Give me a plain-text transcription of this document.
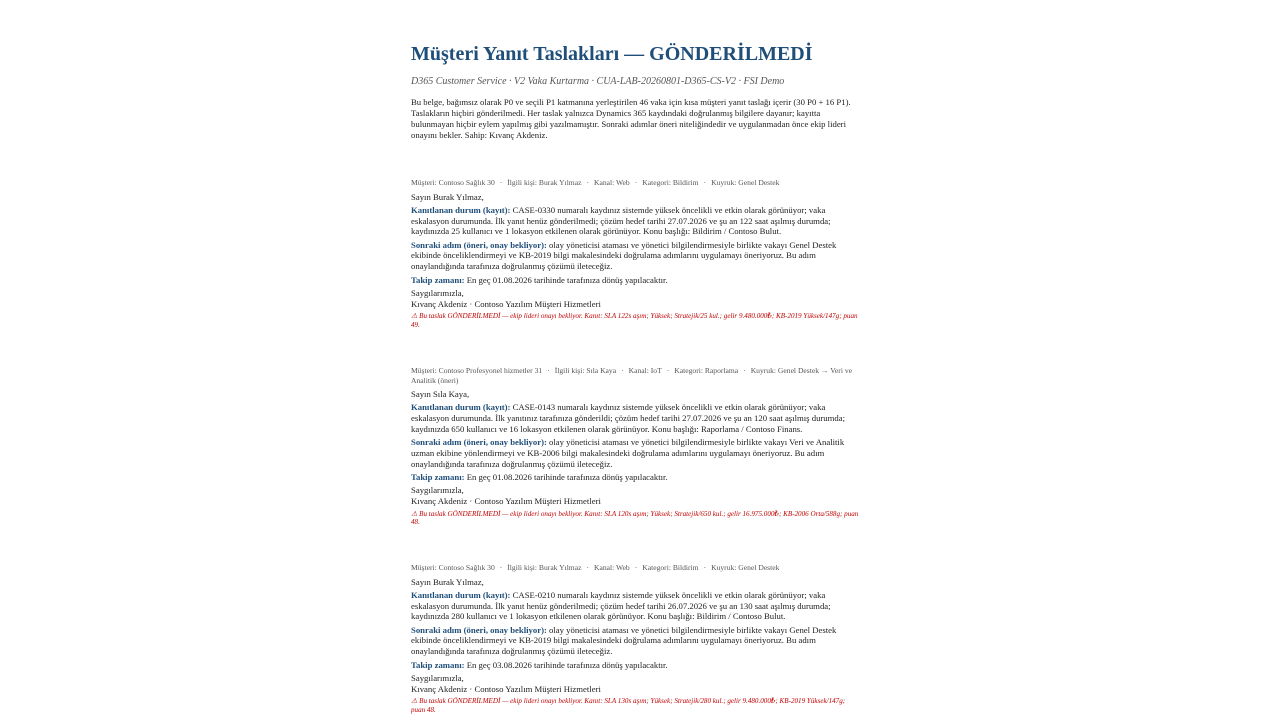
Müşteri Yanıt Taslakları — GÖNDERİLMEDİ
D365 Customer Service · V2 Vaka Kurtarma · CUA-LAB-20260801-D365-CS-V2 · FSI Demo
Bu belge, bağımsız olarak P0 ve seçili P1 katmanına yerleştirilen 46 vaka için kısa müşteri yanıt taslağı içerir (30 P0 + 16 P1). Taslakların hiçbiri gönderilmedi. Her taslak yalnızca Dynamics 365 kaydındaki doğrulanmış bilgilere dayanır; kayıtta bulunmayan hiçbir eylem yapılmış gibi yazılmamıştır. Sonraki adımlar öneri niteliğindedir ve uygulanmadan önce ekip lideri onayını bekler. Sahip: Kıvanç Akdeniz.
Müşteri: Contoso Sağlık 30 · İlgili kişi: Burak Yılmaz · Kanal: Web · Kategori: Bildirim · Kuyruk: Genel Destek
Sayın Burak Yılmaz,
Kanıtlanan durum (kayıt): CASE-0330 numaralı kaydınız sistemde yüksek öncelikli ve etkin olarak görünüyor; vaka eskalasyon durumunda. İlk yanıt henüz gönderilmedi; çözüm hedef tarihi 27.07.2026 ve şu an 122 saat aşılmış durumda; kaydınızda 25 kullanıcı ve 1 lokasyon etkilenen olarak görünüyor. Konu başlığı: Bildirim / Contoso Bulut.
Sonraki adım (öneri, onay bekliyor): olay yöneticisi ataması ve yönetici bilgilendirmesiyle birlikte vakayı Genel Destek ekibinde önceliklendirmeyi ve KB-2019 bilgi makalesindeki doğrulama adımlarını uygulamayı öneriyoruz. Bu adım onaylandığında tarafınıza doğrulanmış çözümü ileteceğiz.
Takip zamanı: En geç 01.08.2026 tarihinde tarafınıza dönüş yapılacaktır.
Saygılarımızla,
Kıvanç Akdeniz · Contoso Yazılım Müşteri Hizmetleri
⚠ Bu taslak GÖNDERİLMEDİ — ekip lideri onayı bekliyor. Kanıt: SLA 122s aşım; Yüksek; Stratejik/25 kul.; gelir 9.480.000₺; KB-2019 Yüksek/147g; puan 49.
Müşteri: Contoso Profesyonel hizmetler 31 · İlgili kişi: Sıla Kaya · Kanal: IoT · Kategori: Raporlama · Kuyruk: Genel Destek → Veri ve Analitik (öneri)
Sayın Sıla Kaya,
Kanıtlanan durum (kayıt): CASE-0143 numaralı kaydınız sistemde yüksek öncelikli ve etkin olarak görünüyor; vaka eskalasyon durumunda. İlk yanıtınız tarafınıza gönderildi; çözüm hedef tarihi 27.07.2026 ve şu an 120 saat aşılmış durumda; kaydınızda 650 kullanıcı ve 16 lokasyon etkilenen olarak görünüyor. Konu başlığı: Raporlama / Contoso Finans.
Sonraki adım (öneri, onay bekliyor): olay yöneticisi ataması ve yönetici bilgilendirmesiyle birlikte vakayı Veri ve Analitik uzman ekibine yönlendirmeyi ve KB-2006 bilgi makalesindeki doğrulama adımlarını uygulamayı öneriyoruz. Bu adım onaylandığında tarafınıza doğrulanmış çözümü ileteceğiz.
Takip zamanı: En geç 01.08.2026 tarihinde tarafınıza dönüş yapılacaktır.
Saygılarımızla,
Kıvanç Akdeniz · Contoso Yazılım Müşteri Hizmetleri
⚠ Bu taslak GÖNDERİLMEDİ — ekip lideri onayı bekliyor. Kanıt: SLA 120s aşım; Yüksek; Stratejik/650 kul.; gelir 16.975.000₺; KB-2006 Orta/588g; puan 48.
Müşteri: Contoso Sağlık 30 · İlgili kişi: Burak Yılmaz · Kanal: Web · Kategori: Bildirim · Kuyruk: Genel Destek
Sayın Burak Yılmaz,
Kanıtlanan durum (kayıt): CASE-0210 numaralı kaydınız sistemde yüksek öncelikli ve etkin olarak görünüyor; vaka eskalasyon durumunda. İlk yanıt henüz gönderilmedi; çözüm hedef tarihi 26.07.2026 ve şu an 130 saat aşılmış durumda; kaydınızda 280 kullanıcı ve 1 lokasyon etkilenen olarak görünüyor. Konu başlığı: Bildirim / Contoso Bulut.
Sonraki adım (öneri, onay bekliyor): olay yöneticisi ataması ve yönetici bilgilendirmesiyle birlikte vakayı Genel Destek ekibinde önceliklendirmeyi ve KB-2019 bilgi makalesindeki doğrulama adımlarını uygulamayı öneriyoruz. Bu adım onaylandığında tarafınıza doğrulanmış çözümü ileteceğiz.
Takip zamanı: En geç 03.08.2026 tarihinde tarafınıza dönüş yapılacaktır.
Saygılarımızla,
Kıvanç Akdeniz · Contoso Yazılım Müşteri Hizmetleri
⚠ Bu taslak GÖNDERİLMEDİ — ekip lideri onayı bekliyor. Kanıt: SLA 130s aşım; Yüksek; Stratejik/280 kul.; gelir 9.480.000₺; KB-2019 Yüksek/147g; puan 48.
